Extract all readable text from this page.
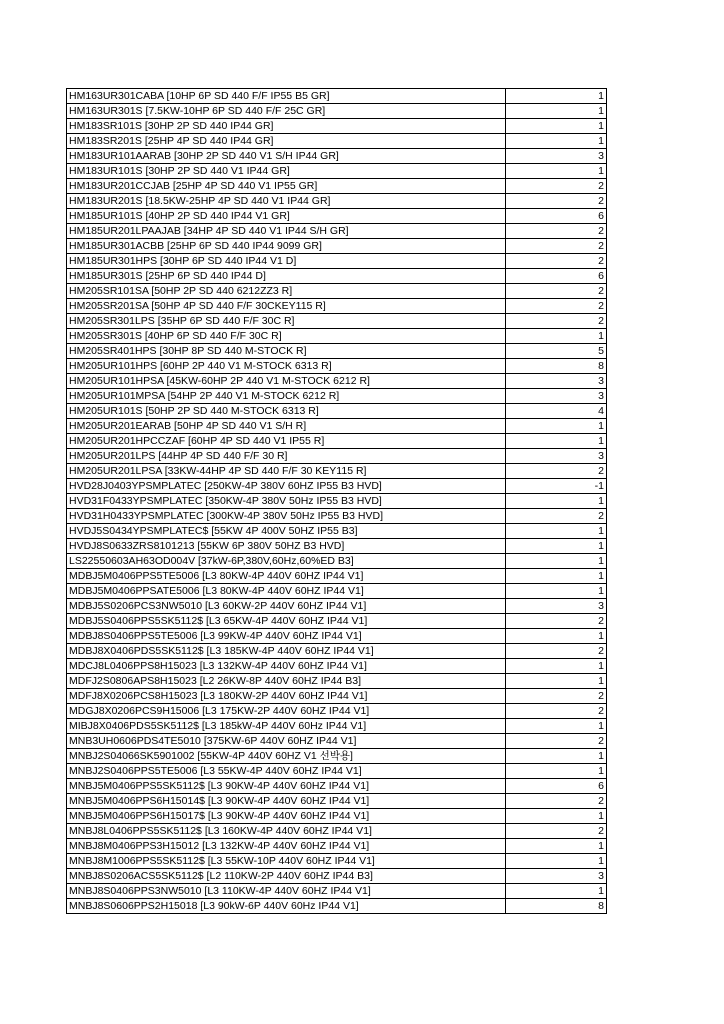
HM163UR301CABA [10HP 6P SD 440 F/F IP55 B5 GR]	1
HM163UR301S [7.5KW-10HP 6P SD 440 F/F 25C GR]	1
HM183SR101S [30HP 2P SD 440 IP44 GR]	1
HM183SR201S [25HP 4P SD 440 IP44 GR]	1
HM183UR101AARAB [30HP 2P SD 440 V1 S/H IP44 GR]	3
HM183UR101S [30HP 2P SD 440 V1 IP44 GR]	1
HM183UR201CCJAB [25HP 4P SD 440 V1 IP55 GR]	2
HM183UR201S [18.5KW-25HP 4P SD 440 V1 IP44 GR]	2
HM185UR101S [40HP 2P SD 440 IP44 V1 GR]	6
HM185UR201LPAAJAB [34HP 4P SD 440 V1 IP44 S/H GR]	2
HM185UR301ACBB [25HP 6P SD 440 IP44 9099 GR]	2
HM185UR301HPS [30HP 6P SD 440 IP44 V1 D]	2
HM185UR301S [25HP 6P SD 440 IP44 D]	6
HM205SR101SA [50HP 2P SD 440 6212ZZ3 R]	2
HM205SR201SA [50HP 4P SD 440 F/F 30CKEY115 R]	2
HM205SR301LPS [35HP 6P SD 440 F/F 30C R]	2
HM205SR301S [40HP 6P SD 440 F/F 30C R]	1
HM205SR401HPS [30HP 8P SD 440 M-STOCK R]	5
HM205UR101HPS [60HP 2P 440 V1 M-STOCK 6313 R]	8
HM205UR101HPSA [45KW-60HP 2P 440 V1 M-STOCK 6212 R]	3
HM205UR101MPSA [54HP 2P 440 V1 M-STOCK 6212 R]	3
HM205UR101S [50HP 2P SD 440 M-STOCK 6313 R]	4
HM205UR201EARAB [50HP 4P SD 440 V1 S/H R]	1
HM205UR201HPCCZAF [60HP 4P SD 440 V1 IP55 R]	1
HM205UR201LPS [44HP 4P SD 440 F/F 30 R]	3
HM205UR201LPSA [33KW-44HP 4P SD 440 F/F 30 KEY115 R]	2
HVD28J0403YPSMPLATEC [250KW-4P 380V 60HZ IP55 B3 HVD]	-1
HVD31F0433YPSMPLATEC [350KW-4P 380V 50Hz IP55 B3 HVD]	1
HVD31H0433YPSMPLATEC [300KW-4P 380V 50Hz IP55 B3 HVD]	2
HVDJ5S0434YPSMPLATEC$ [55KW 4P 400V 50HZ IP55 B3]	1
HVDJ8S0633ZRS8101213 [55KW 6P 380V 50HZ B3 HVD]	1
LS22550603AH63OD004V [37kW-6P,380V,60Hz,60%ED B3]	1
MDBJ5M0406PPS5TE5006 [L3 80KW-4P 440V 60HZ IP44 V1]	1
MDBJ5M0406PPSATE5006 [L3 80KW-4P 440V 60HZ IP44 V1]	1
MDBJ5S0206PCS3NW5010 [L3 60KW-2P 440V 60HZ IP44 V1]	3
MDBJ5S0406PPS5SK5112$ [L3 65KW-4P 440V 60HZ IP44 V1]	2
MDBJ8S0406PPS5TE5006 [L3 99KW-4P 440V 60HZ IP44 V1]	1
MDBJ8X0406PDS5SK5112$ [L3 185KW-4P 440V 60HZ IP44 V1]	2
MDCJ8L0406PPS8H15023 [L3 132KW-4P 440V 60HZ IP44 V1]	1
MDFJ2S0806APS8H15023 [L2 26KW-8P 440V 60HZ IP44 B3]	1
MDFJ8X0206PCS8H15023 [L3 180KW-2P 440V 60HZ IP44 V1]	2
MDGJ8X0206PCS9H15006 [L3 175KW-2P 440V 60HZ IP44 V1]	2
MIBJ8X0406PDS5SK5112$ [L3 185kW-4P 440V 60Hz IP44 V1]	1
MNB3UH0606PDS4TE5010 [375KW-6P 440V 60HZ IP44 V1]	2
MNBJ2S04066SK5901002 [55KW-4P 440V 60HZ V1 선박용]	1
MNBJ2S0406PPS5TE5006 [L3 55KW-4P 440V 60HZ IP44 V1]	1
MNBJ5M0406PPS5SK5112$ [L3 90KW-4P 440V 60HZ IP44 V1]	6
MNBJ5M0406PPS6H15014$ [L3 90KW-4P 440V 60HZ IP44 V1]	2
MNBJ5M0406PPS6H15017$ [L3 90KW-4P 440V 60HZ IP44 V1]	1
MNBJ8L0406PPS5SK5112$ [L3 160KW-4P 440V 60HZ IP44 V1]	2
MNBJ8M0406PPS3H15012 [L3 132KW-4P 440V 60HZ IP44 V1]	1
MNBJ8M1006PPS5SK5112$ [L3 55KW-10P 440V 60HZ IP44 V1]	1
MNBJ8S0206ACS5SK5112$ [L2 110KW-2P 440V 60HZ IP44 B3]	3
MNBJ8S0406PPS3NW5010 [L3 110KW-4P 440V 60HZ IP44 V1]	1
MNBJ8S0606PPS2H15018 [L3 90kW-6P 440V 60Hz IP44 V1]	8
